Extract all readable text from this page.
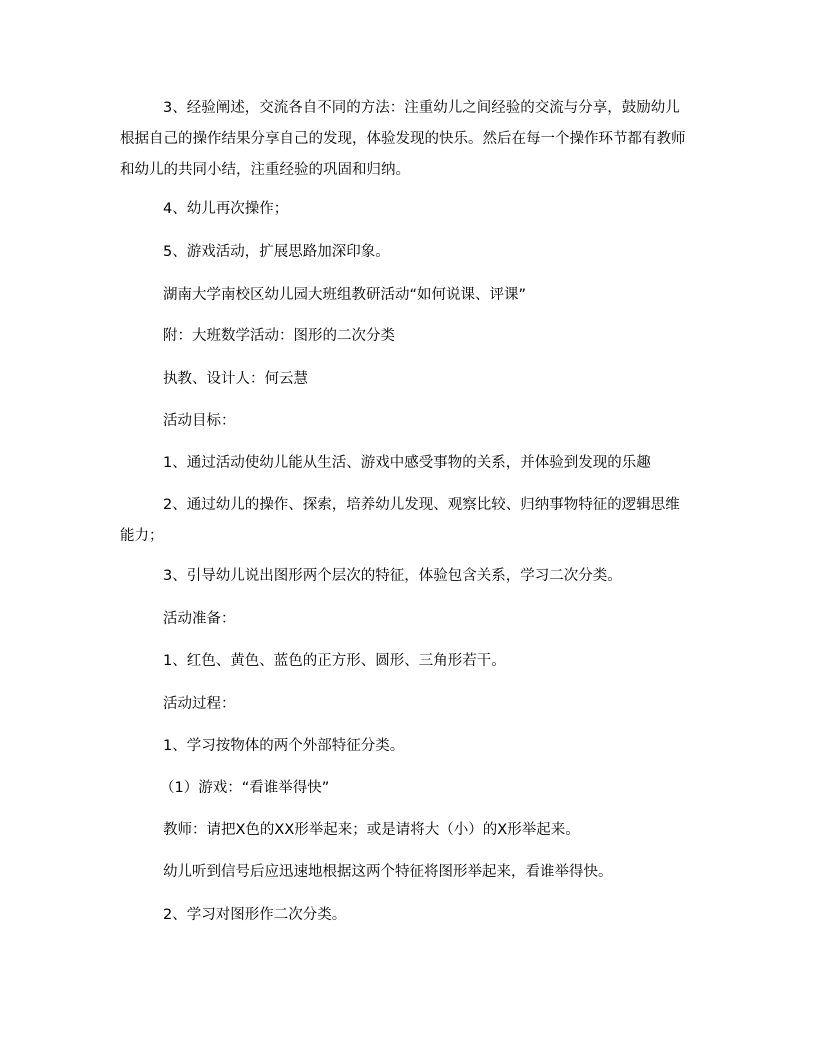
3、经验阐述，交流各自不同的方法：注重幼儿之间经验的交流与分享，鼓励幼儿
根据自己的操作结果分享自己的发现，体验发现的快乐。然后在每一个操作环节都有教师
和幼儿的共同小结，注重经验的巩固和归纳。
4、幼儿再次操作；
5、游戏活动，扩展思路加深印象。
湖南大学南校区幼儿园大班组教研活动“如何说课、评课”
附：大班数学活动：图形的二次分类
执教、设计人：何云慧
活动目标：
1、通过活动使幼儿能从生活、游戏中感受事物的关系，并体验到发现的乐趣
2、通过幼儿的操作、探索，培养幼儿发现、观察比较、归纳事物特征的逻辑思维
能力；
3、引导幼儿说出图形两个层次的特征，体验包含关系，学习二次分类。
活动准备：
1、红色、黄色、蓝色的正方形、圆形、三角形若干。
活动过程：
1、学习按物体的两个外部特征分类。
（1）游戏：“看谁举得快”
教师：请把X色的XX形举起来；或是请将大（小）的X形举起来。
幼儿听到信号后应迅速地根据这两个特征将图形举起来，看谁举得快。
2、学习对图形作二次分类。
